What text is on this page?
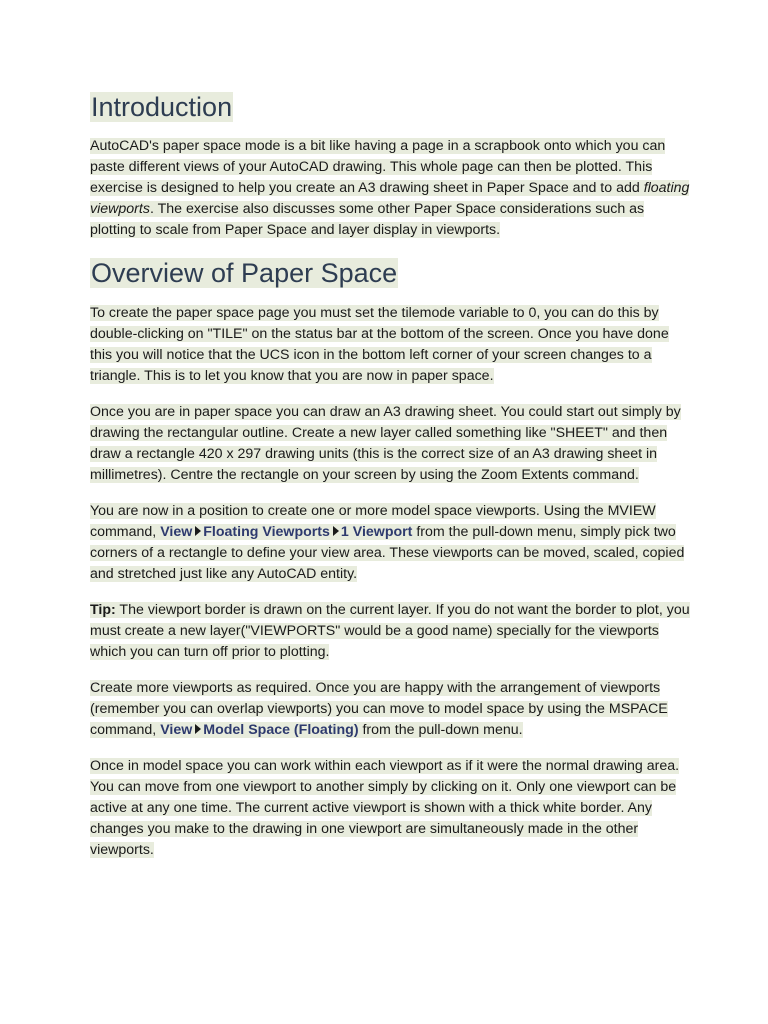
Introduction

AutoCAD's paper space mode is a bit like having a page in a scrapbook onto which you can paste different views of your AutoCAD drawing. This whole page can then be plotted. This exercise is designed to help you create an A3 drawing sheet in Paper Space and to add floating viewports. The exercise also discusses some other Paper Space considerations such as plotting to scale from Paper Space and layer display in viewports.

Overview of Paper Space

To create the paper space page you must set the tilemode variable to 0, you can do this by double-clicking on "TILE" on the status bar at the bottom of the screen. Once you have done this you will notice that the UCS icon in the bottom left corner of your screen changes to a triangle. This is to let you know that you are now in paper space.

Once you are in paper space you can draw an A3 drawing sheet. You could start out simply by drawing the rectangular outline. Create a new layer called something like "SHEET" and then draw a rectangle 420 x 297 drawing units (this is the correct size of an A3 drawing sheet in millimetres). Centre the rectangle on your screen by using the Zoom Extents command.

You are now in a position to create one or more model space viewports. Using the MVIEW command, View Floating Viewports 1 Viewport from the pull-down menu, simply pick two corners of a rectangle to define your view area. These viewports can be moved, scaled, copied and stretched just like any AutoCAD entity.

Tip: The viewport border is drawn on the current layer. If you do not want the border to plot, you must create a new layer("VIEWPORTS" would be a good name) specially for the viewports which you can turn off prior to plotting.

Create more viewports as required. Once you are happy with the arrangement of viewports (remember you can overlap viewports) you can move to model space by using the MSPACE command, View Model Space (Floating) from the pull-down menu.

Once in model space you can work within each viewport as if it were the normal drawing area. You can move from one viewport to another simply by clicking on it. Only one viewport can be active at any one time. The current active viewport is shown with a thick white border. Any changes you make to the drawing in one viewport are simultaneously made in the other viewports.
